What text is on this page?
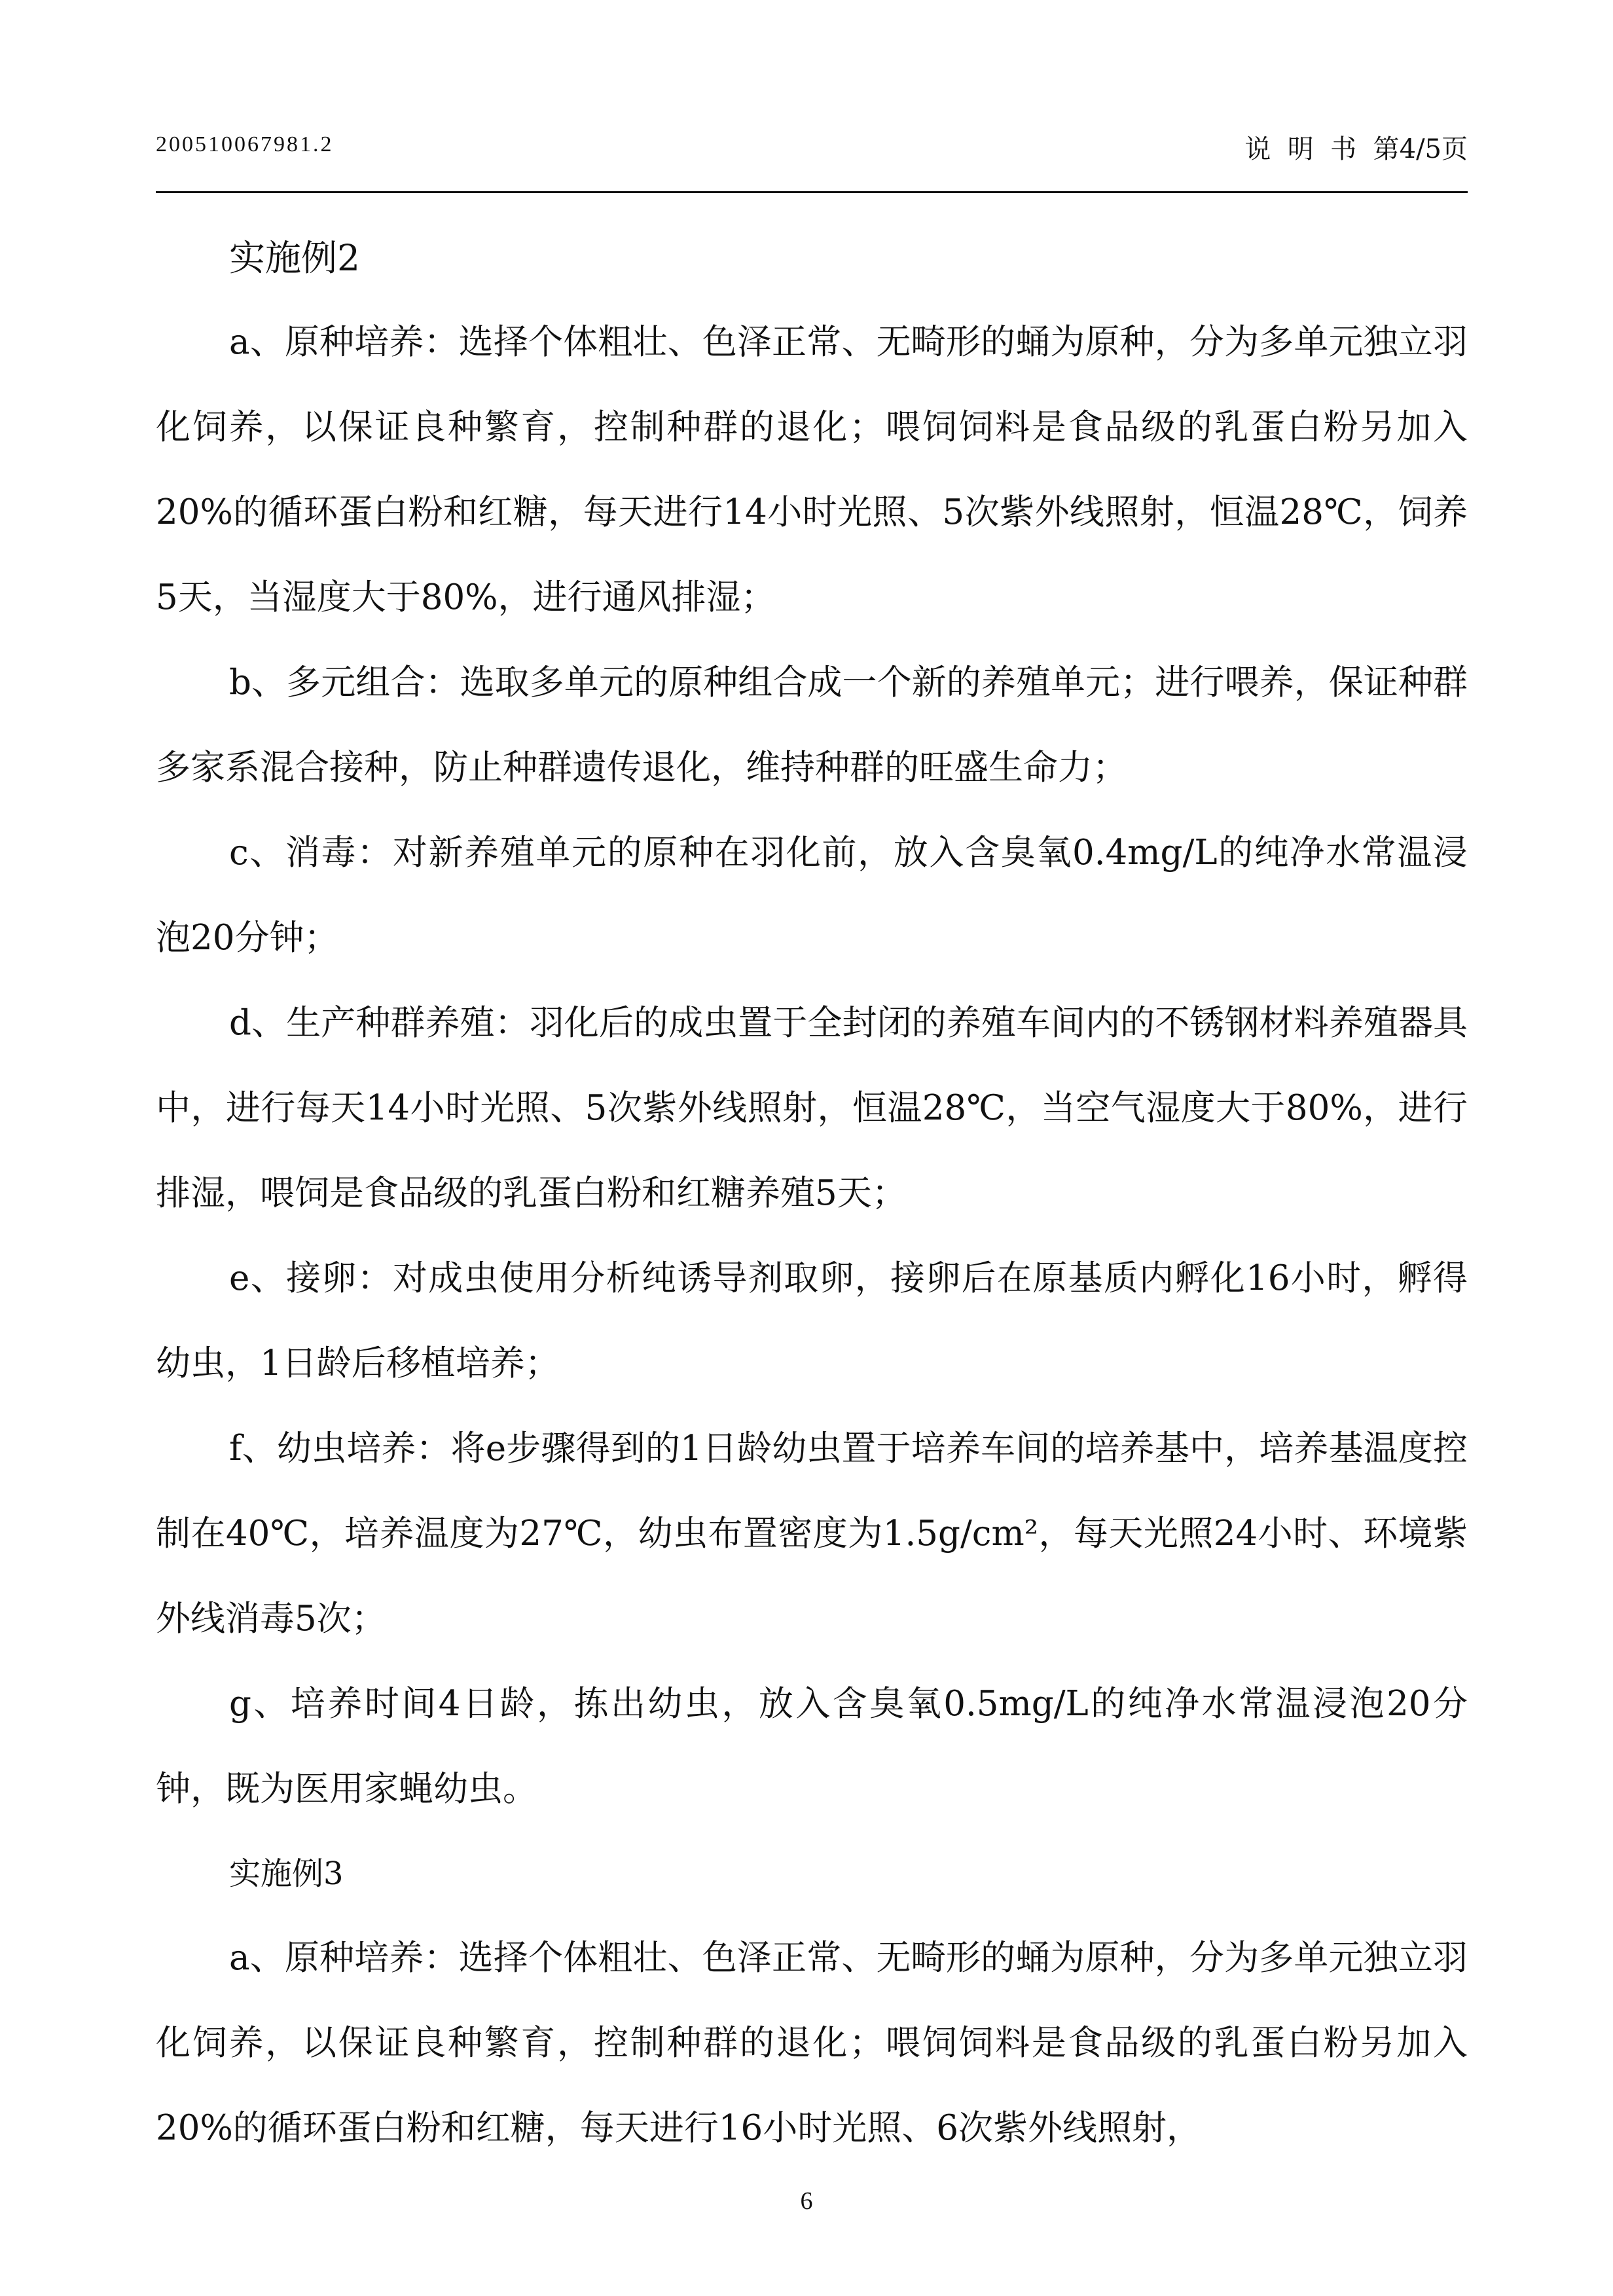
200510067981.2	说  明  书  第4/5页
实施例2

a、原种培养：选择个体粗壮、色泽正常、无畸形的蛹为原种，分为多单元独立羽化饲养，以保证良种繁育，控制种群的退化；喂饲饲料是食品级的乳蛋白粉另加入20%的循环蛋白粉和红糖，每天进行14小时光照、5次紫外线照射，恒温28℃，饲养5天，当湿度大于80%，进行通风排湿；

b、多元组合：选取多单元的原种组合成一个新的养殖单元；进行喂养，保证种群多家系混合接种，防止种群遗传退化，维持种群的旺盛生命力；

c、消毒：对新养殖单元的原种在羽化前，放入含臭氧0.4mg/L的纯净水常温浸泡20分钟；

d、生产种群养殖：羽化后的成虫置于全封闭的养殖车间内的不锈钢材料养殖器具中，进行每天14小时光照、5次紫外线照射，恒温28℃，当空气湿度大于80%，进行排湿，喂饲是食品级的乳蛋白粉和红糖养殖5天；

e、接卵：对成虫使用分析纯诱导剂取卵，接卵后在原基质内孵化16小时，孵得幼虫，1日龄后移植培养；

f、幼虫培养：将e步骤得到的1日龄幼虫置于培养车间的培养基中，培养基温度控制在40℃，培养温度为27℃，幼虫布置密度为1.5g/cm²，每天光照24小时、环境紫外线消毒5次；

g、培养时间4日龄，拣出幼虫，放入含臭氧0.5mg/L的纯净水常温浸泡20分钟，既为医用家蝇幼虫。

实施例3

a、原种培养：选择个体粗壮、色泽正常、无畸形的蛹为原种，分为多单元独立羽化饲养，以保证良种繁育，控制种群的退化；喂饲饲料是食品级的乳蛋白粉另加入20%的循环蛋白粉和红糖，每天进行16小时光照、6次紫外线照射，

6
